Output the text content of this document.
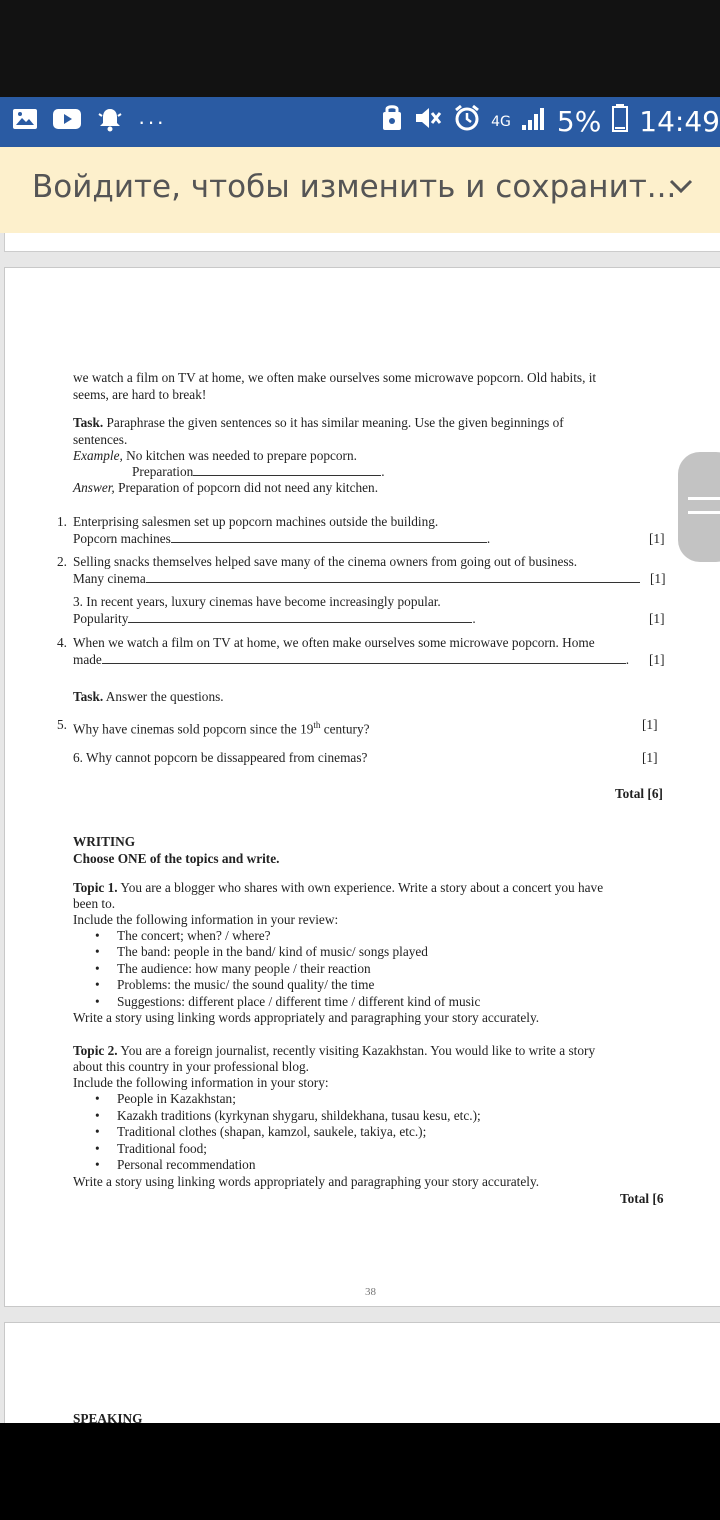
···	4G 5% 14:49
Войдите, чтобы изменить и сохранит...
we watch a film on TV at home, we often make ourselves some microwave popcorn. Old habits, it
seems, are hard to break!
Task. Paraphrase the given sentences so it has similar meaning. Use the given beginnings of
sentences.
Example, No kitchen was needed to prepare popcorn.
Preparation	.
Answer, Preparation of popcorn did not need any kitchen.
1. Enterprising salesmen set up popcorn machines outside the building.
Popcorn machines	.	[1]
2. Selling snacks themselves helped save many of the cinema owners from going out of business.
Many cinema	[1]
3. In recent years, luxury cinemas have become increasingly popular.
Popularity	.	[1]
4. When we watch a film on TV at home, we often make ourselves some microwave popcorn. Home
made	. [1]
Task. Answer the questions.
5. Why have cinemas sold popcorn since the 19th century?	[1]
6. Why cannot popcorn be dissappeared from cinemas?	[1]
Total [6]
WRITING
Choose ONE of the topics and write.
Topic 1. You are a blogger who shares with own experience. Write a story about a concert you have
been to.
Include the following information in your review:
• The concert; when? / where?
• The band: people in the band/ kind of music/ songs played
• The audience: how many people / their reaction
• Problems: the music/ the sound quality/ the time
• Suggestions: different place / different time / different kind of music
Write a story using linking words appropriately and paragraphing your story accurately.
Topic 2. You are a foreign journalist, recently visiting Kazakhstan. You would like to write a story
about this country in your professional blog.
Include the following information in your story:
• People in Kazakhstan;
• Kazakh traditions (kyrkynan shygaru, shildekhana, tusau kesu, etc.);
• Traditional clothes (shapan, kamzol, saukele, takiya, etc.);
• Traditional food;
• Personal recommendation
Write a story using linking words appropriately and paragraphing your story accurately.
Total [6
38
SPEAKING
